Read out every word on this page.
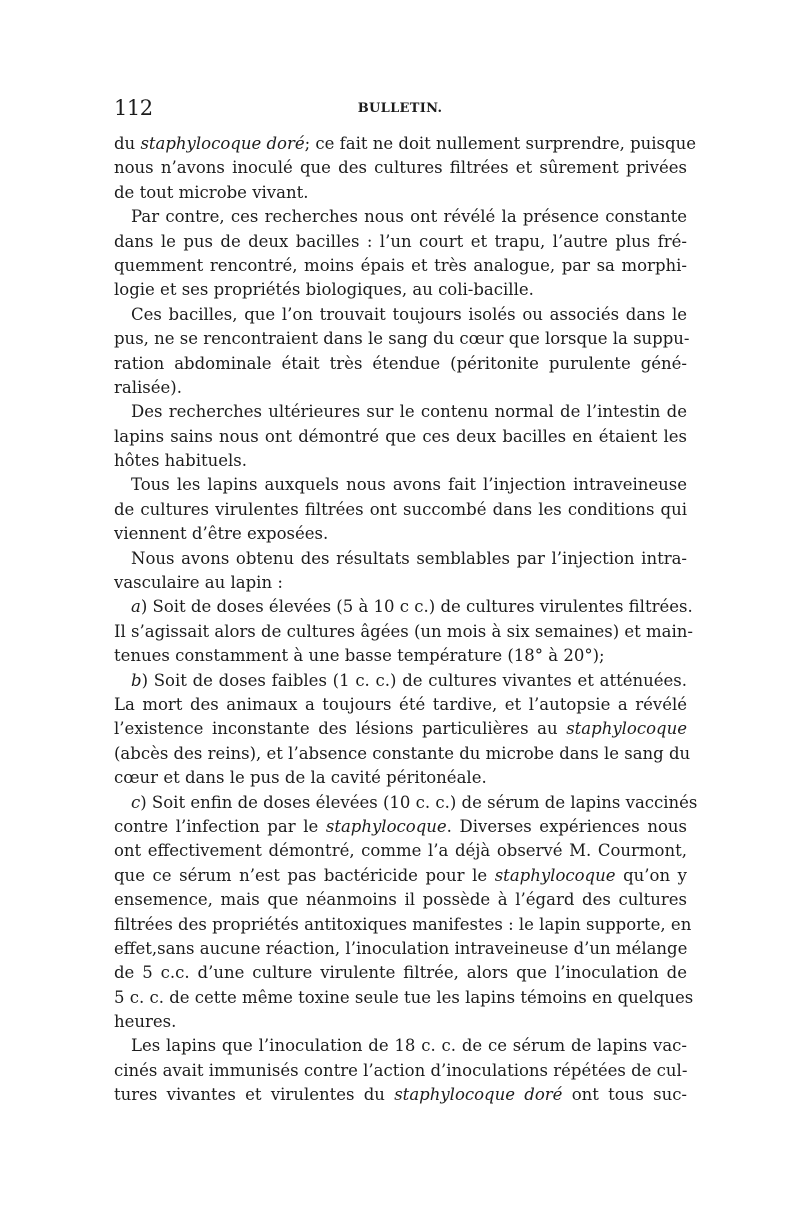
112	BULLETIN.
du staphylocoque doré; ce fait ne doit nullement surprendre, puisque
nous n’avons inoculé que des cultures filtrées et sûrement privées
de tout microbe vivant.
Par contre, ces recherches nous ont révélé la présence constante
dans le pus de deux bacilles : l’un court et trapu, l’autre plus fré-
quemment rencontré, moins épais et très analogue, par sa morphi-
logie et ses propriétés biologiques, au coli-bacille.
Ces bacilles, que l’on trouvait toujours isolés ou associés dans le
pus, ne se rencontraient dans le sang du cœur que lorsque la suppu-
ration abdominale était très étendue (péritonite purulente géné-
ralisée).
Des recherches ultérieures sur le contenu normal de l’intestin de
lapins sains nous ont démontré que ces deux bacilles en étaient les
hôtes habituels.
Tous les lapins auxquels nous avons fait l’injection intraveineuse
de cultures virulentes filtrées ont succombé dans les conditions qui
viennent d’être exposées.
Nous avons obtenu des résultats semblables par l’injection intra-
vasculaire au lapin :
a) Soit de doses élevées (5 à 10 c c.) de cultures virulentes filtrées.
Il s’agissait alors de cultures âgées (un mois à six semaines) et main-
tenues constamment à une basse température (18° à 20°);
b) Soit de doses faibles (1 c. c.) de cultures vivantes et atténuées.
La mort des animaux a toujours été tardive, et l’autopsie a révélé
l’existence inconstante des lésions particulières au staphylocoque
(abcès des reins), et l’absence constante du microbe dans le sang du
cœur et dans le pus de la cavité péritonéale.
c) Soit enfin de doses élevées (10 c. c.) de sérum de lapins vaccinés
contre l’infection par le staphylocoque. Diverses expériences nous
ont effectivement démontré, comme l’a déjà observé M. Courmont,
que ce sérum n’est pas bactéricide pour le staphylocoque qu’on y
ensemence, mais que néanmoins il possède à l’égard des cultures
filtrées des propriétés antitoxiques manifestes : le lapin supporte, en
effet,sans aucune réaction, l’inoculation intraveineuse d’un mélange
de 5 c.c. d’une culture virulente filtrée, alors que l’inoculation de
5 c. c. de cette même toxine seule tue les lapins témoins en quelques
heures.
Les lapins que l’inoculation de 18 c. c. de ce sérum de lapins vac-
cinés avait immunisés contre l’action d’inoculations répétées de cul-
tures vivantes et virulentes du staphylocoque doré ont tous suc-
